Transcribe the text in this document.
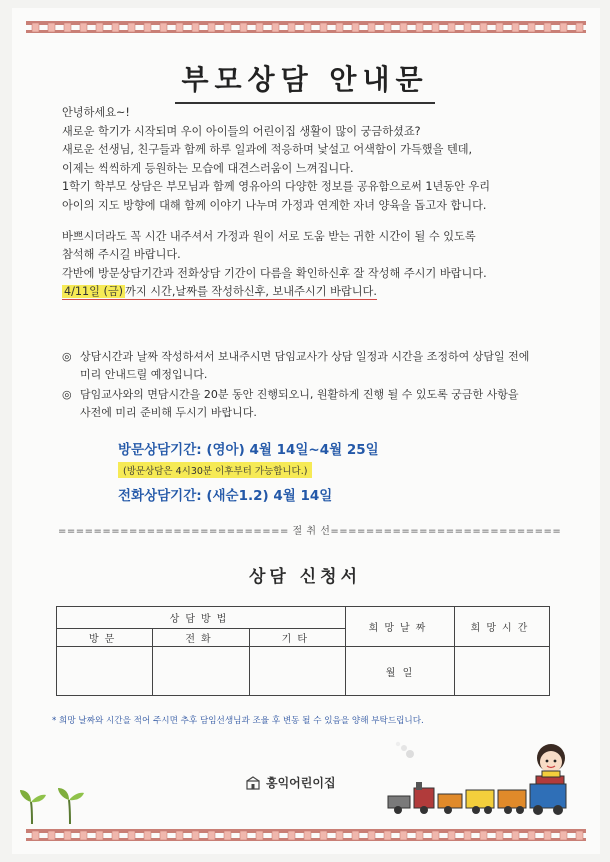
부모상담 안내문

안녕하세요~!

새로운 학기가 시작되며 우이 아이들의 어린이집 생활이 많이 궁금하셨죠?

새로운 선생님, 친구들과 함께 하루 일과에 적응하며 낯설고 어색함이 가득했을 텐데,

이제는 씩씩하게 등원하는 모습에 대견스러움이 느껴집니다.

1학기 학부모 상담은 부모님과 함께 영유아의 다양한 정보를 공유함으로써 1년동안 우리

아이의 지도 방향에 대해 함께 이야기 나누며 가정과 연계한 자녀 양육을 돕고자 합니다.

바쁘시더라도 꼭 시간 내주셔서 가정과 원이 서로 도움 받는 귀한 시간이 될 수 있도록

참석해 주시길 바랍니다.

각반에 방문상담기간과 전화상담 기간이 다름을 확인하신후 잘 작성해 주시기 바랍니다.

4/11일 (금) 까지 시간,날짜를 작성하신후, 보내주시기 바랍니다.

◎ 상담시간과 날짜 작성하셔서 보내주시면 담임교사가 상담 일정과 시간을 조정하여 상담일 전에
미리 안내드릴 예정입니다.
◎ 담임교사와의 면담시간을 20분 동안 진행되오니, 원활하게 진행 될 수 있도록 궁금한 사항을
사전에 미리 준비해 두시기 바랍니다.
방문상담기간: (영아) 4월 14일~4월 25일
(방문상담은 4시30분 이후부터 가능합니다.)
전화상담기간: (새순1.2) 4월 14일
========================== 절 취 선==========================
상담 신청서
상담방법			희망날짜	희망시간
방문	전화	기타		
			월 일	
* 희망 날짜와 시간을 적어 주시면 추후 담임선생님과 조율 후 변동 될 수 있음을 양해 부탁드립니다.
홍익어린이집
